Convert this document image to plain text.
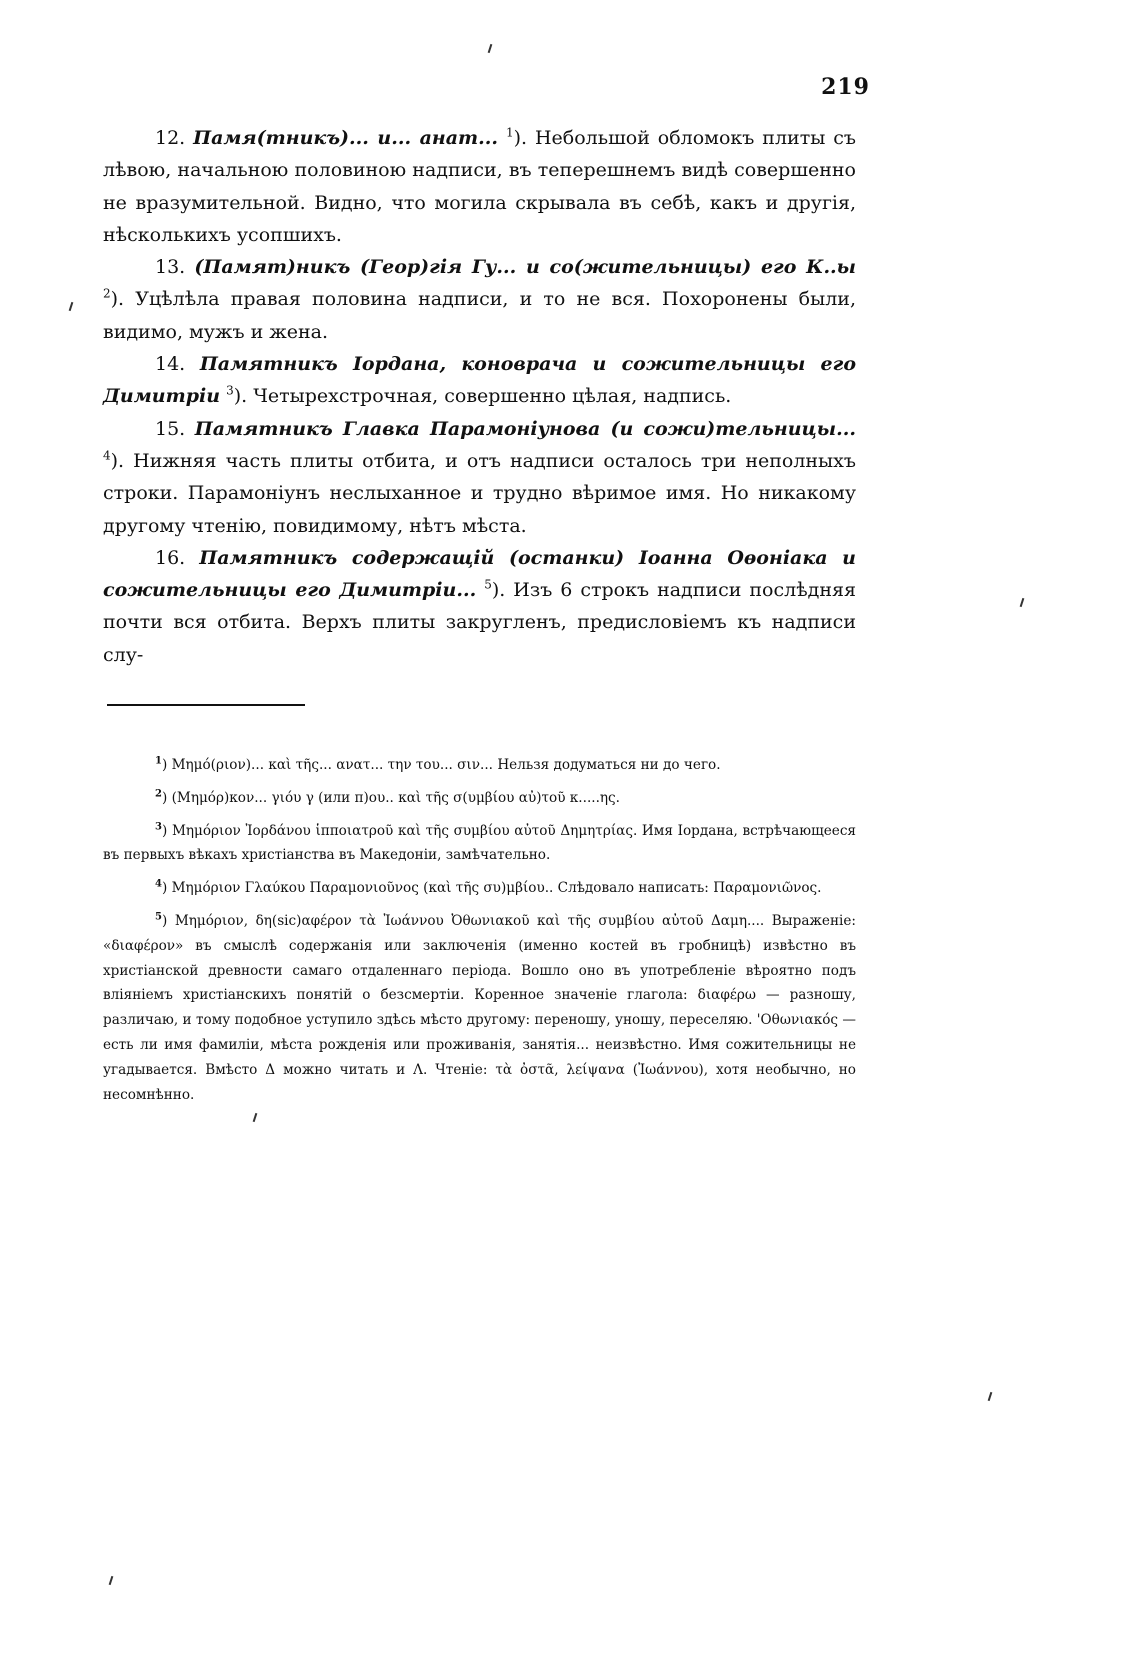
219

12. Памя(тникъ)... и... анат... $^1$). Небольшой обломокъ плиты съ лѣвою, начальною половиною надписи, въ теперешнемъ видѣ совершенно не вразумительной. Видно, что могила скрывала въ себѣ, какъ и другія, нѣсколькихъ усопшихъ.

13. (Памят)никъ (Геор)гія Гу... и со(жительницы) его К..ы $^2$). Уцѣлѣла правая половина надписи, и то не вся. Похоронены были, видимо, мужъ и жена.

14. Памятникъ Іордана, коноврача и сожительницы его Димитріи $^3$). Четырехстрочная, совершенно цѣлая, надпись.

15. Памятникъ Главка Парамоніунова (и сожи)тельницы... $^4$). Нижняя часть плиты отбита, и отъ надписи осталось три неполныхъ строки. Парамоніунъ неслыханное и трудно вѣримое имя. Но никакому другому чтенію, повидимому, нѣтъ мѣста.

16. Памятникъ содержащій (останки) Іоанна Оѳоніака и сожительницы его Димитріи... $^5$). Изъ 6 строкъ надписи послѣдняя почти вся отбита. Верхъ плиты закругленъ, предисловіемъ къ надписи слу-

$^1$) Μημό(ριον)... καὶ τῆς... ανατ... την του... σιν... Нельзя додуматься ни до чего.

$^2$) (Μημόρ)κον... γιόυ γ (или π)ου.. καὶ τῆς σ(υμβίου αὐ)τοῦ κ.....ης.

$^3$) Μημόριον Ἰορδάνου ἱπποιατροῦ καὶ τῆς συμβίου αὐτοῦ Δημητρίας. Имя Іордана, встрѣчающееся въ первыхъ вѣкахъ христіанства въ Македоніи, замѣчательно.

$^4$) Μημόριον Γλαύκου Παραμονιοῦνος (καὶ τῆς συ)μβίου.. Слѣдовало написать: Παραμονιῶνος.

$^5$) Μημόριον, δη(sic)αφέρον τὰ Ἰωάννου Ὀθωνιακοῦ καὶ τῆς συμβίου αὐτοῦ Δαμη.... Выраженіе: «διαφέρον» въ смыслѣ содержанія или заключенія (именно костей въ гробницѣ) извѣстно въ христіанской древности самаго отдаленнаго періода. Вошло оно въ употребленіе вѣроятно подъ вліяніемъ христіанскихъ понятій о безсмертіи. Коренное значеніе глагола: διαφέρω — разношу, различаю, и тому подобное уступило здѣсь мѣсто другому: переношу, уношу, переселяю. 'Οθωνιακός — есть ли имя фамиліи, мѣста рожденія или проживанія, занятія... неизвѣстно. Имя сожительницы не угадывается. Вмѣсто Δ можно читать и Λ. Чтеніе: τὰ ὀστᾶ, λείψανα (Ἰωάννου), хотя необычно, но несомнѣнно.
